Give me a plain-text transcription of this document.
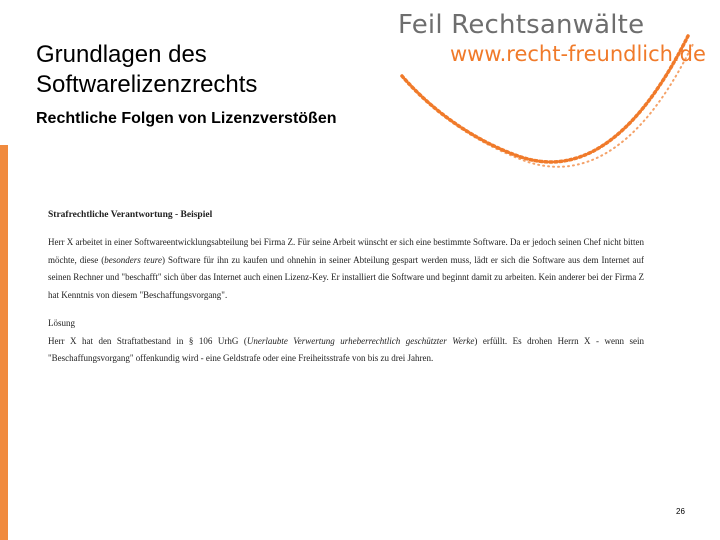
Feil Rechtsanwälte
www.recht-freundlich.de
Grundlagen des
Softwarelizenzrechts
Rechtliche Folgen von Lizenzverstößen
Strafrechtliche Verantwortung - Beispiel

Herr X arbeitet in einer Softwareentwicklungsabteilung bei Firma Z. Für seine Arbeit wünscht er sich eine bestimmte Software. Da er jedoch seinen Chef nicht bitten möchte, diese (besonders teure) Software für ihn zu kaufen und ohnehin in seiner Abteilung gespart werden muss, lädt er sich die Software aus dem Internet auf seinen Rechner und "beschafft" sich über das Internet auch einen Lizenz-Key. Er installiert die Software und beginnt damit zu arbeiten. Kein anderer bei der Firma Z hat Kenntnis von diesem "Beschaffungsvorgang".

Lösung

Herr X hat den Straftatbestand in § 106 UrhG (Unerlaubte Verwertung urheberrechtlich geschützter Werke) erfüllt. Es drohen Herrn X - wenn sein "Beschaffungsvorgang" offenkundig wird - eine Geldstrafe oder eine Freiheitsstrafe von bis zu drei Jahren.

26
